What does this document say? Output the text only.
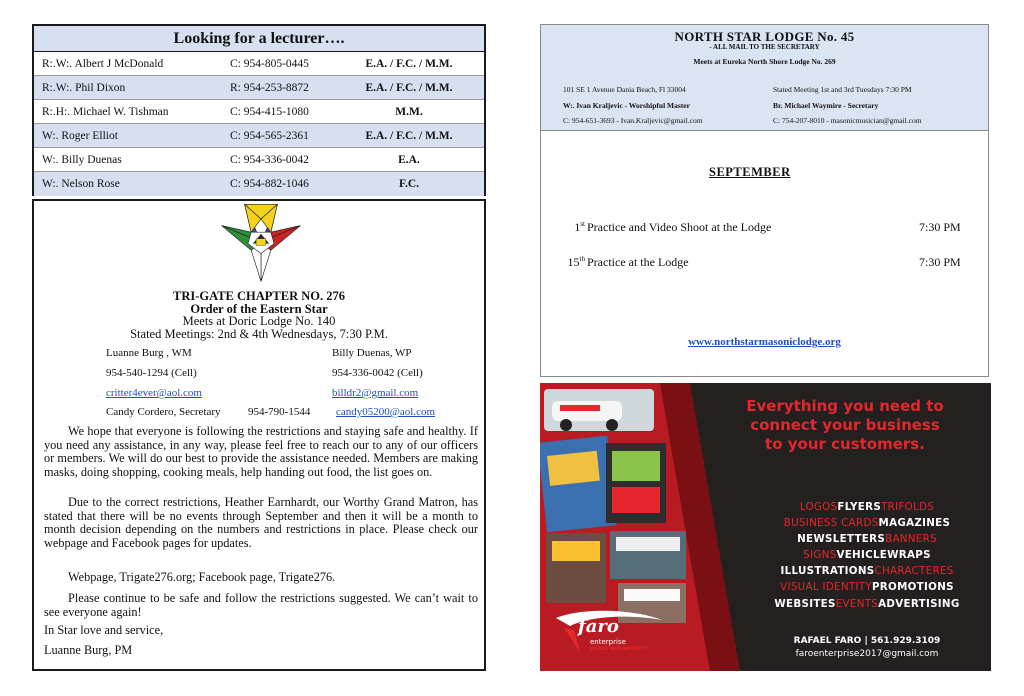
Looking for a lecturer….
R:.W:. Albert J McDonald	C: 954-805-0445	E.A. / F.C. / M.M.
R:.W:. Phil Dixon	R: 954-253-8872	E.A. / F.C. / M.M.
R:.H:. Michael W. Tishman	C: 954-415-1080	M.M.
W:. Roger Elliot	C: 954-565-2361	E.A. / F.C. / M.M.
W:. Billy Duenas	C: 954-336-0042	E.A.
W:. Nelson Rose	C: 954-882-1046	F.C.
TRI-GATE CHAPTER NO. 276
Order of the Eastern Star
Meets at Doric Lodge No. 140
Stated Meetings: 2nd & 4th Wednesdays, 7:30 P.M.
Luanne Burg , WM	Billy Duenas, WP
954-540-1294 (Cell)	954-336-0042 (Cell)
critter4ever@aol.com	billdr2@gmail.com
Candy Cordero, Secretary 954-790-1544 candy05200@aol.com
We hope that everyone is following the restrictions and staying safe and healthy. If you need any assistance, in any way, please feel free to reach our to any of our officers or members. We will do our best to provide the assistance needed. Members are making masks, doing shopping, cooking meals, help handing out food, the list goes on.
Due to the correct restrictions, Heather Earnhardt, our Worthy Grand Matron, has stated that there will be no events through September and then it will be a month to month decision depending on the numbers and restrictions in place. Please check our webpage and Facebook pages for updates.
Webpage, Trigate276.org; Facebook page, Trigate276.
Please continue to be safe and follow the restrictions suggested. We can’t wait to see everyone again!
In Star love and service,
Luanne Burg, PM
NORTH STAR LODGE No. 45
- ALL MAIL TO THE SECRETARY
Meets at Eureka North Shore Lodge No. 269
101 SE 1 Avenue Dania Beach, Fl 33004	Stated Meeting 1st and 3rd Tuesdays 7:30 PM
W:. Ivan Kraljevic - Worshipful Master	Br. Michael Waymire - Secretary
C: 954-651-3693 - Ivan.Kraljevic@gmail.com	C: 754-207-8010 - masonicmusician@gmail.com
SEPTEMBER
1st Practice and Video Shoot at the Lodge	7:30 PM
15th Practice at the Lodge	7:30 PM
www.northstarmasoniclodge.org
Everything you need to
connect your business
to your customers.
LOGOSFLYERSTRIFOLDS
BUSINESS CARDSMAGAZINES
NEWSLETTERSBANNERS
SIGNSVEHICLEWRAPS
ILLUSTRATIONSCHARACTERES
VISUAL IDENTITYPROMOTIONS
WEBSITESEVENTSADVERTISING
RAFAEL FARO | 561.929.3109
faroenterprise2017@gmail.com
faro
enterprise
VISUAL AUTHENTICITY
